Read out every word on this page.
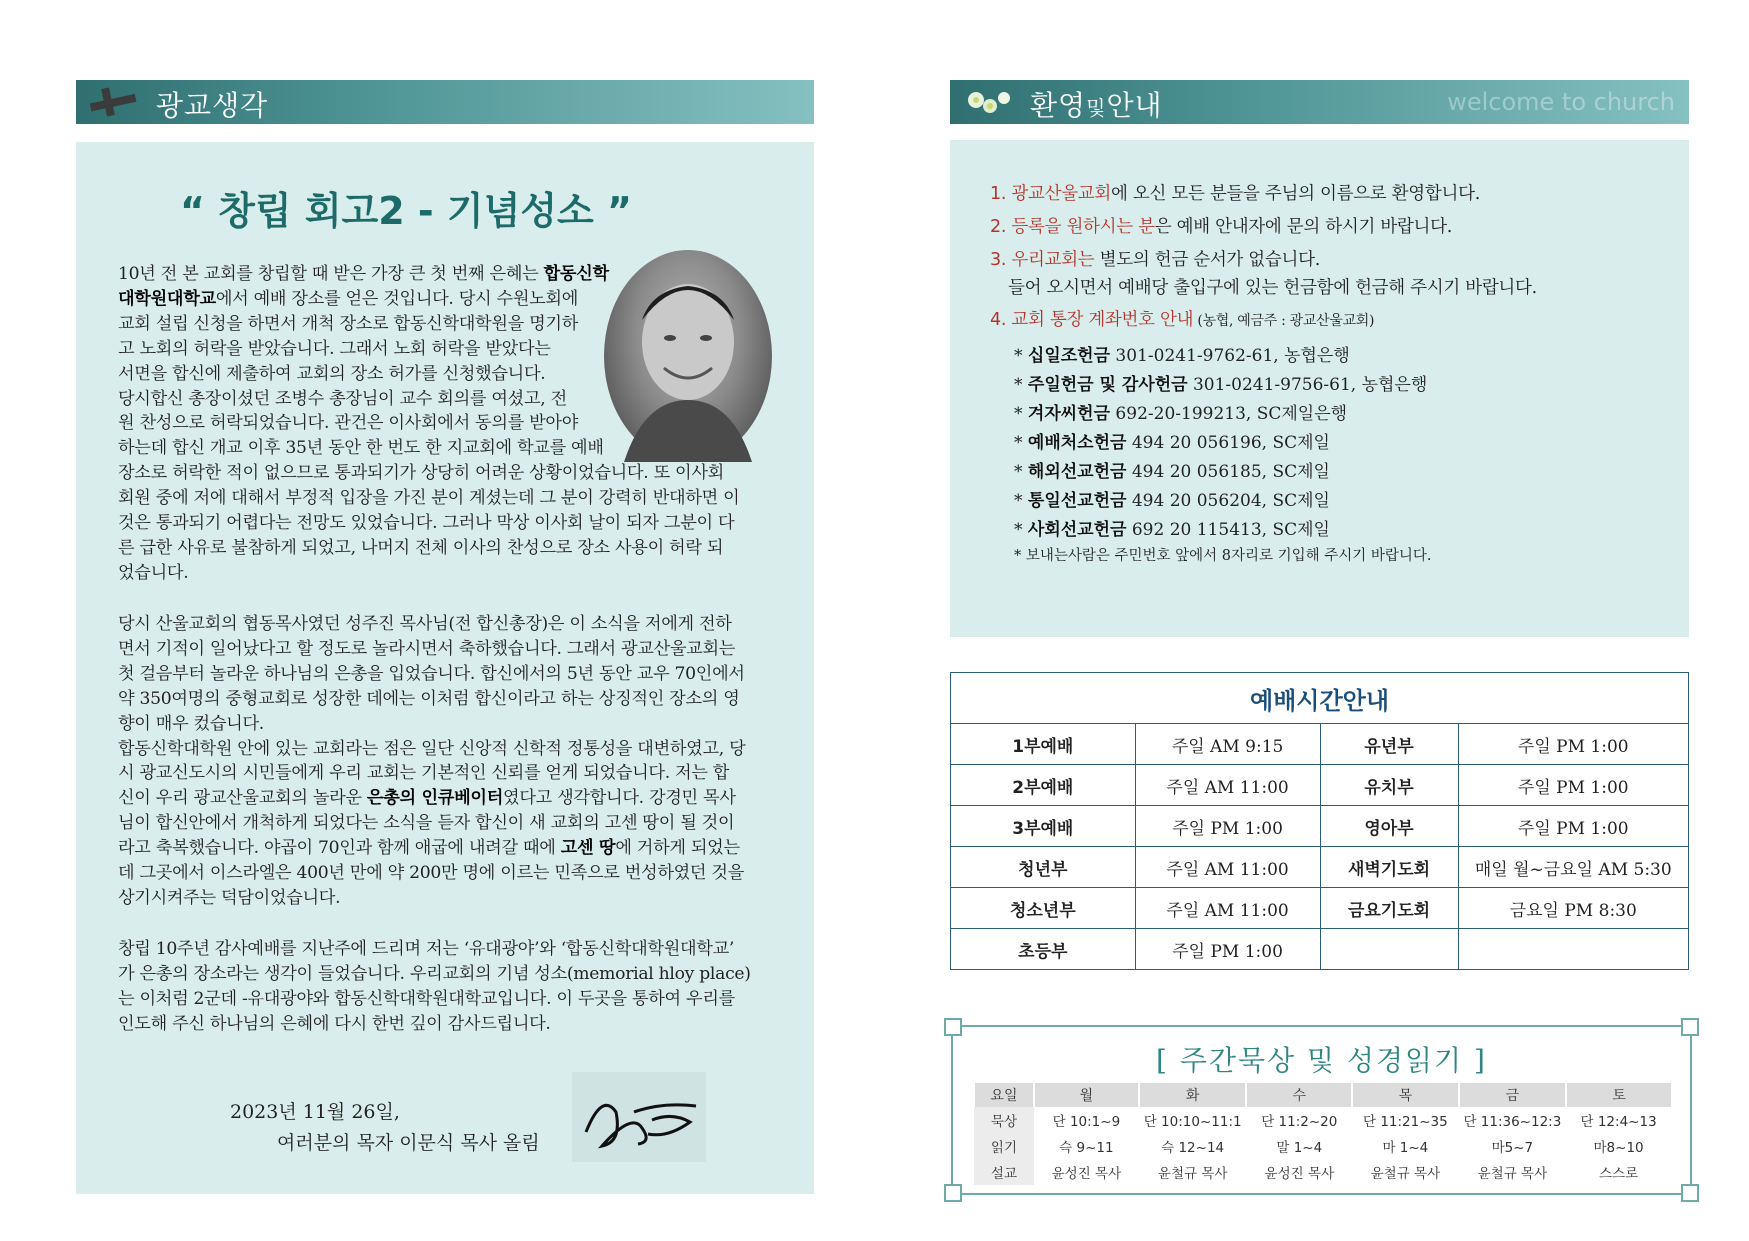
광교생각
“ 창립 회고2 - 기념성소 ”

10년 전 본 교회를 창립할 때 받은 가장 큰 첫 번째 은혜는 합동신학

대학원대학교에서 예배 장소를 얻은 것입니다. 당시 수원노회에

교회 설립 신청을 하면서 개척 장소로 합동신학대학원을 명기하

고 노회의 허락을 받았습니다. 그래서 노회 허락을 받았다는

서면을 합신에 제출하여 교회의 장소 허가를 신청했습니다.

당시합신 총장이셨던 조병수 총장님이 교수 회의를 여셨고, 전

원 찬성으로 허락되었습니다. 관건은 이사회에서 동의를 받아야

하는데 합신 개교 이후 35년 동안 한 번도 한 지교회에 학교를 예배

장소로 허락한 적이 없으므로 통과되기가 상당히 어려운 상황이었습니다. 또 이사회

회원 중에 저에 대해서 부정적 입장을 가진 분이 계셨는데 그 분이 강력히 반대하면 이

것은 통과되기 어렵다는 전망도 있었습니다. 그러나 막상 이사회 날이 되자 그분이 다

른 급한 사유로 불참하게 되었고, 나머지 전체 이사의 찬성으로 장소 사용이 허락 되

었습니다.

당시 산울교회의 협동목사였던 성주진 목사님(전 합신총장)은 이 소식을 저에게 전하

면서 기적이 일어났다고 할 정도로 놀라시면서 축하했습니다. 그래서 광교산울교회는

첫 걸음부터 놀라운 하나님의 은총을 입었습니다. 합신에서의 5년 동안 교우 70인에서

약 350여명의 중형교회로 성장한 데에는 이처럼 합신이라고 하는 상징적인 장소의 영

향이 매우 컸습니다.

합동신학대학원 안에 있는 교회라는 점은 일단 신앙적 신학적 정통성을 대변하였고, 당

시 광교신도시의 시민들에게 우리 교회는 기본적인 신뢰를 얻게 되었습니다. 저는 합

신이 우리 광교산울교회의 놀라운 은총의 인큐베이터였다고 생각합니다. 강경민 목사

님이 합신안에서 개척하게 되었다는 소식을 듣자 합신이 새 교회의 고센 땅이 될 것이

라고 축복했습니다. 야곱이 70인과 함께 애굽에 내려갈 때에 고센 땅에 거하게 되었는

데 그곳에서 이스라엘은 400년 만에 약 200만 명에 이르는 민족으로 번성하였던 것을

상기시켜주는 덕담이었습니다.

창립 10주년 감사예배를 지난주에 드리며 저는 ‘유대광야’와 ‘합동신학대학원대학교’

가 은총의 장소라는 생각이 들었습니다. 우리교회의 기념 성소(memorial hloy place)

는 이처럼 2군데 -유대광야와 합동신학대학원대학교입니다. 이 두곳을 통하여 우리를

인도해 주신 하나님의 은혜에 다시 한번 깊이 감사드립니다.

2023년 11월 26일,
여러분의 목자 이문식 목사 올림
환영및안내	welcome to church
1. 광교산울교회에 오신 모든 분들을 주님의 이름으로 환영합니다.
2. 등록을 원하시는 분은 예배 안내자에 문의 하시기 바랍니다.
3. 우리교회는 별도의 헌금 순서가 없습니다.
들어 오시면서 예배당 출입구에 있는 헌금함에 헌금해 주시기 바랍니다.
4. 교회 통장 계좌번호 안내 (농협, 예금주 : 광교산울교회)
* 십일조헌금 301-0241-9762-61, 농협은행
* 주일헌금 및 감사헌금 301-0241-9756-61, 농협은행
* 겨자씨헌금 692-20-199213, SC제일은행
* 예배처소헌금 494 20 056196, SC제일
* 해외선교헌금 494 20 056185, SC제일
* 통일선교헌금 494 20 056204, SC제일
* 사회선교헌금 692 20 115413, SC제일
* 보내는사람은 주민번호 앞에서 8자리로 기입해 주시기 바랍니다.
예배시간안내			
1부예배	주일 AM 9:15	유년부	주일 PM 1:00
2부예배	주일 AM 11:00	유치부	주일 PM 1:00
3부예배	주일 PM 1:00	영아부	주일 PM 1:00
청년부	주일 AM 11:00	새벽기도회	매일 월~금요일 AM 5:30
청소년부	주일 AM 11:00	금요기도회	금요일 PM 8:30
초등부	주일 PM 1:00		
[ 주간묵상 및 성경읽기 ]
요일	월	화	수	목	금	토
묵상	단 10:1~9	단 10:10~11:1	단 11:2~20	단 11:21~35	단 11:36~12:3	단 12:4~13
읽기	슥 9~11	슥 12~14	말 1~4	마 1~4	마5~7	마8~10
설교	윤성진 목사	윤철규 목사	윤성진 목사	윤철규 목사	윤철규 목사	스스로
